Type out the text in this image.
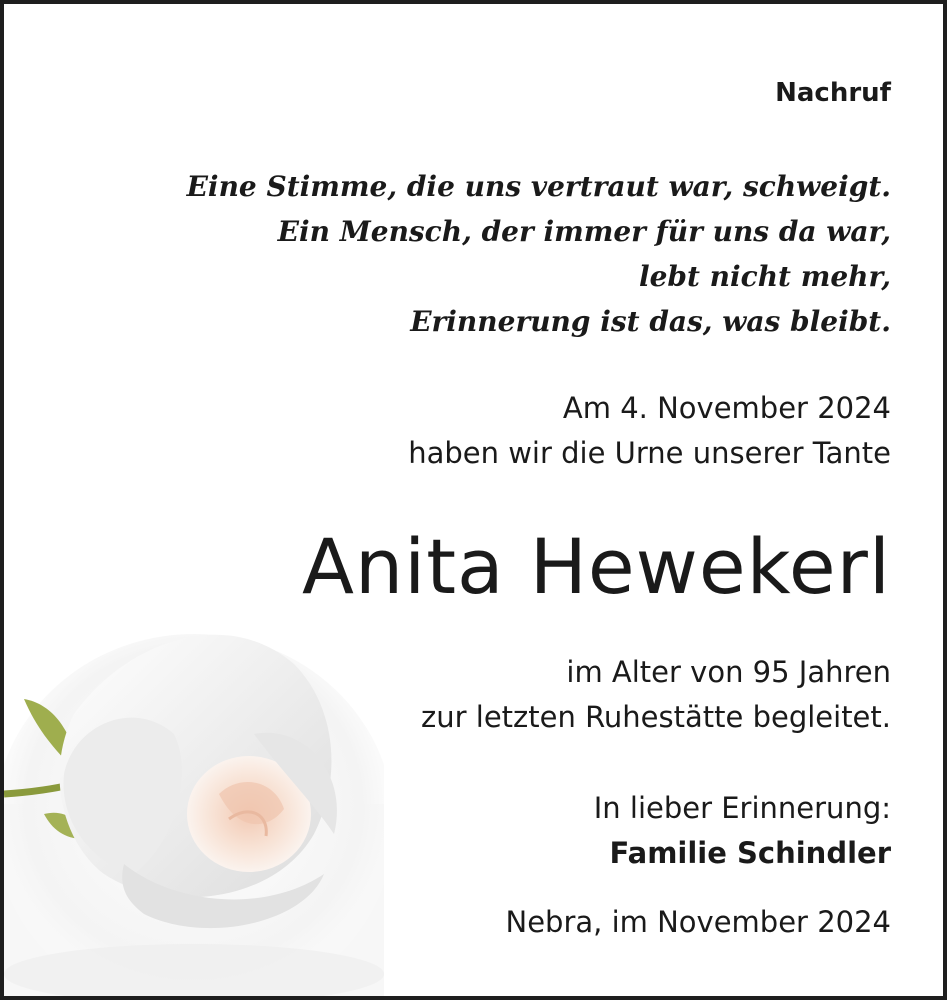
Nachruf

Eine Stimme, die uns vertraut war, schweigt.
Ein Mensch, der immer für uns da war,
lebt nicht mehr,
Erinnerung ist das, was bleibt.
Am 4. November 2024
haben wir die Urne unserer Tante
Anita Hewekerl
im Alter von 95 Jahren
zur letzten Ruhestätte begleitet.
In lieber Erinnerung:
Familie Schindler

Nebra, im November 2024
